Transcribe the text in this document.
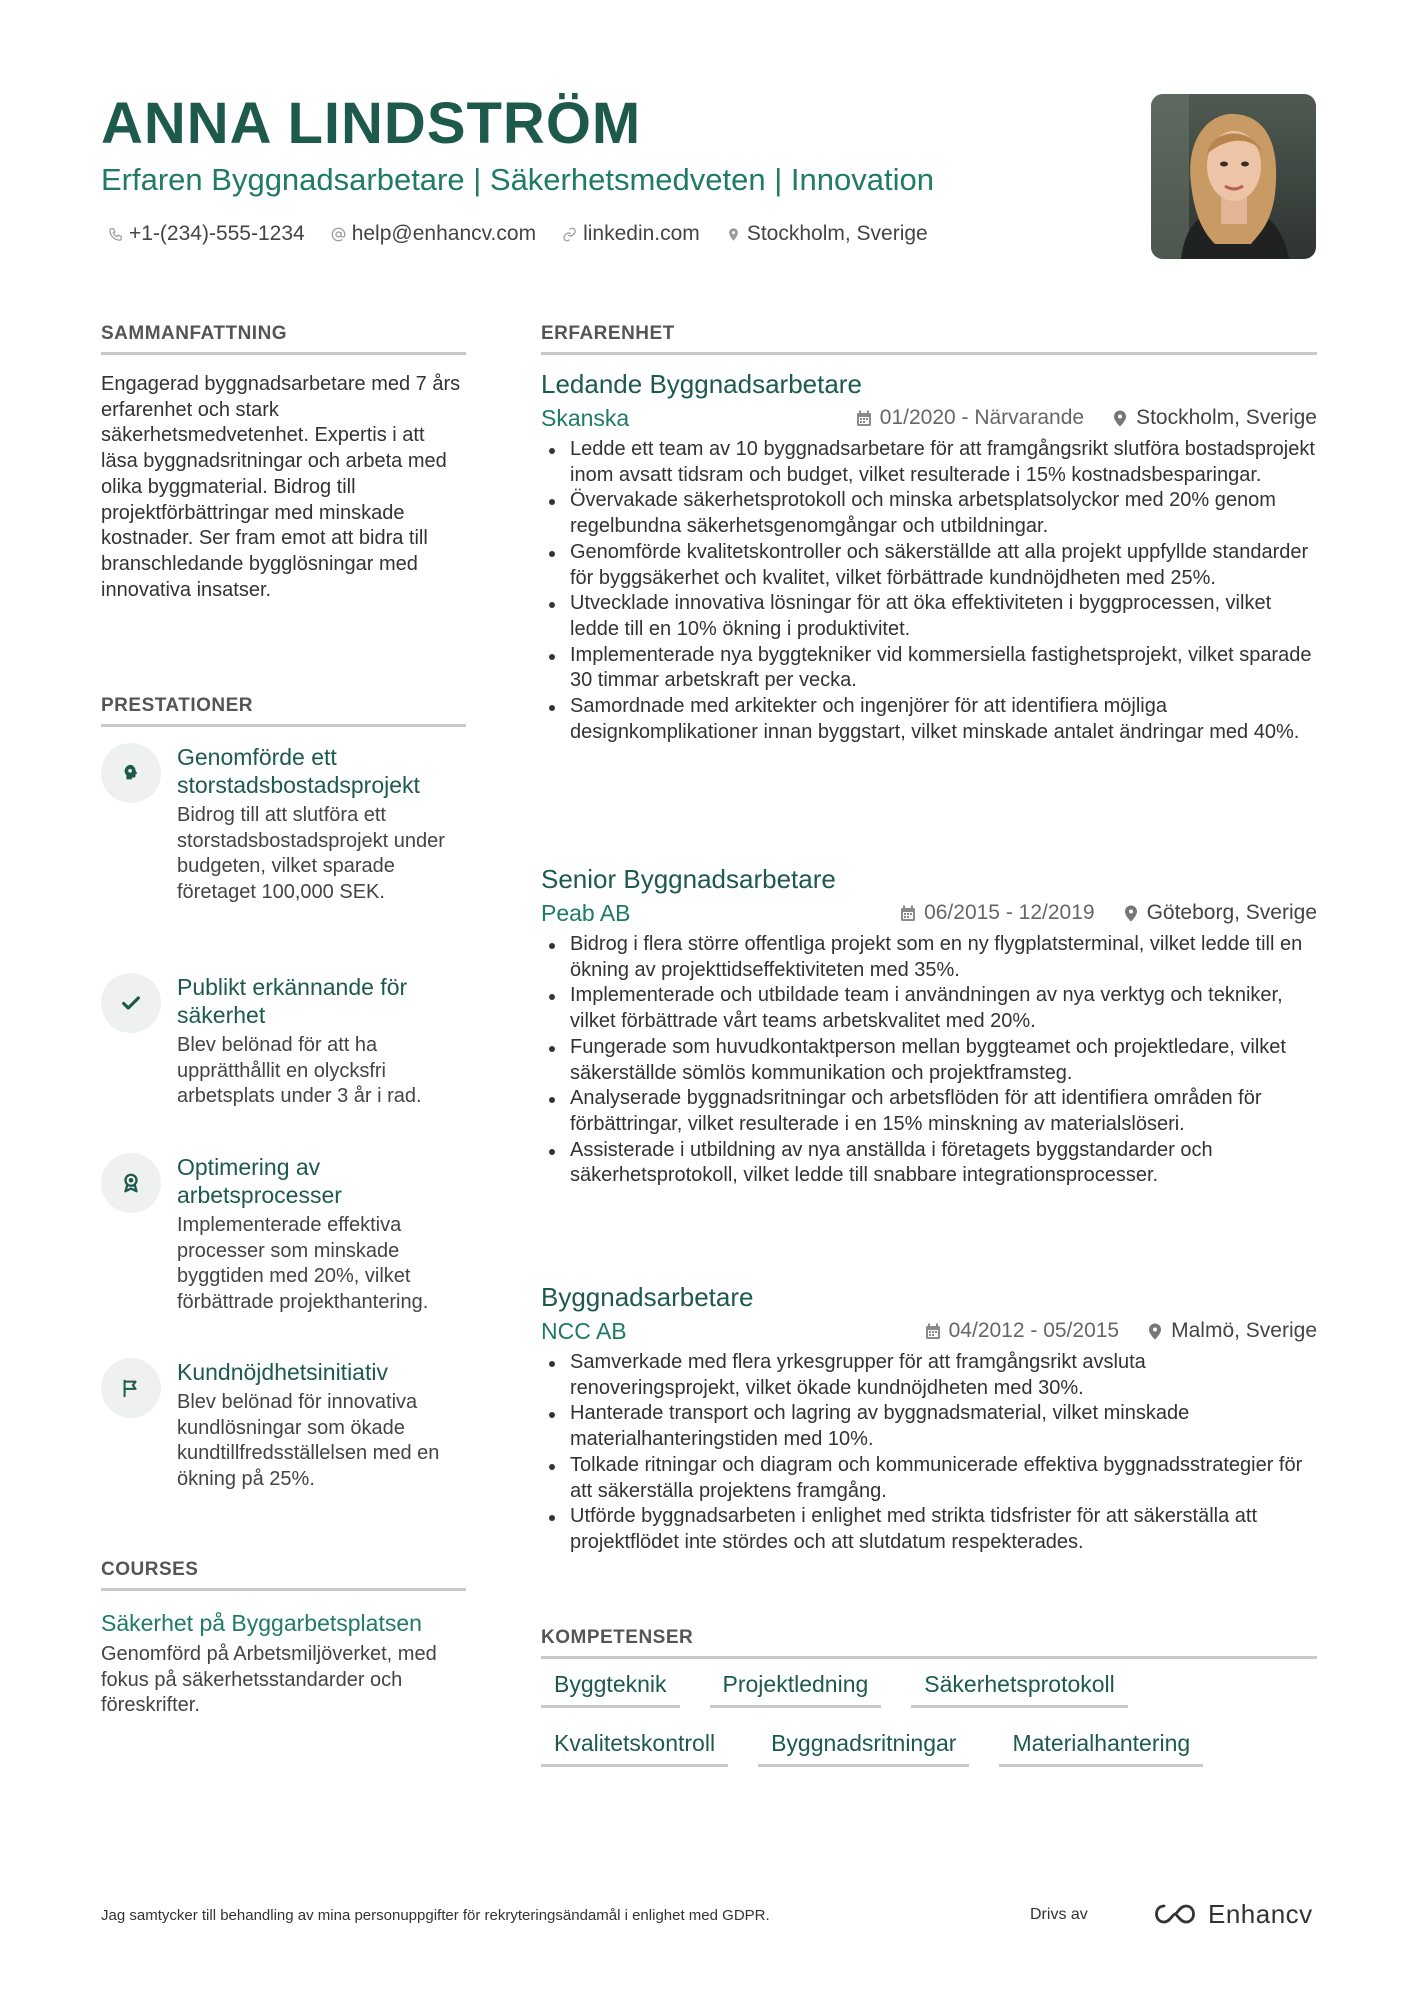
ANNA LINDSTRÖM

Erfaren Byggnadsarbetare | Säkerhetsmedveten | Innovation

+1-(234)-555-1234 help@enhancv.com linkedin.com Stockholm, Sverige
SAMMANFATTNING

Engagerad byggnadsarbetare med 7 års erfarenhet och stark säkerhetsmedvetenhet. Expertis i att läsa byggnadsritningar och arbeta med olika byggmaterial. Bidrog till projektförbättringar med minskade kostnader. Ser fram emot att bidra till branschledande bygglösningar med innovativa insatser.

PRESTATIONER

Genomförde ett storstadsbostadsprojekt

Bidrog till att slutföra ett storstadsbostadsprojekt under budgeten, vilket sparade företaget 100,000 SEK.

Publikt erkännande för säkerhet

Blev belönad för att ha upprätthållit en olycksfri arbetsplats under 3 år i rad.

Optimering av arbetsprocesser

Implementerade effektiva processer som minskade byggtiden med 20%, vilket förbättrade projekthantering.

Kundnöjdhetsinitiativ

Blev belönad för innovativa kundlösningar som ökade kundtillfredsställelsen med en ökning på 25%.

COURSES

Säkerhet på Byggarbetsplatsen

Genomförd på Arbetsmiljöverket, med fokus på säkerhetsstandarder och föreskrifter.

ERFARENHET

Ledande Byggnadsarbetare

Skanska	01/2020 - Närvarande Stockholm, Sverige
Ledde ett team av 10 byggnadsarbetare för att framgångsrikt slutföra bostadsprojekt inom avsatt tidsram och budget, vilket resulterade i 15% kostnadsbesparingar.
Övervakade säkerhetsprotokoll och minska arbetsplatsolyckor med 20% genom regelbundna säkerhetsgenomgångar och utbildningar.
Genomförde kvalitetskontroller och säkerställde att alla projekt uppfyllde standarder för byggsäkerhet och kvalitet, vilket förbättrade kundnöjdheten med 25%.
Utvecklade innovativa lösningar för att öka effektiviteten i byggprocessen, vilket ledde till en 10% ökning i produktivitet.
Implementerade nya byggtekniker vid kommersiella fastighetsprojekt, vilket sparade 30 timmar arbetskraft per vecka.
Samordnade med arkitekter och ingenjörer för att identifiera möjliga designkomplikationer innan byggstart, vilket minskade antalet ändringar med 40%.

Senior Byggnadsarbetare

Peab AB	06/2015 - 12/2019 Göteborg, Sverige
Bidrog i flera större offentliga projekt som en ny flygplatsterminal, vilket ledde till en ökning av projekttidseffektiviteten med 35%.
Implementerade och utbildade team i användningen av nya verktyg och tekniker, vilket förbättrade vårt teams arbetskvalitet med 20%.
Fungerade som huvudkontaktperson mellan byggteamet och projektledare, vilket säkerställde sömlös kommunikation och projektframsteg.
Analyserade byggnadsritningar och arbetsflöden för att identifiera områden för förbättringar, vilket resulterade i en 15% minskning av materialslöseri.
Assisterade i utbildning av nya anställda i företagets byggstandarder och säkerhetsprotokoll, vilket ledde till snabbare integrationsprocesser.

Byggnadsarbetare

NCC AB	04/2012 - 05/2015 Malmö, Sverige
Samverkade med flera yrkesgrupper för att framgångsrikt avsluta renoveringsprojekt, vilket ökade kundnöjdheten med 30%.
Hanterade transport och lagring av byggnadsmaterial, vilket minskade materialhanteringstiden med 10%.
Tolkade ritningar och diagram och kommunicerade effektiva byggnadsstrategier för att säkerställa projektens framgång.
Utförde byggnadsarbeten i enlighet med strikta tidsfrister för att säkerställa att projektflödet inte stördes och att slutdatum respekterades.
KOMPETENSER
Byggteknik	Projektledning	Säkerhetsprotokoll
Kvalitetskontroll	Byggnadsritningar	Materialhantering

Jag samtycker till behandling av mina personuppgifter för rekryteringsändamål i enlighet med GDPR.	Drivs av	Enhancv
